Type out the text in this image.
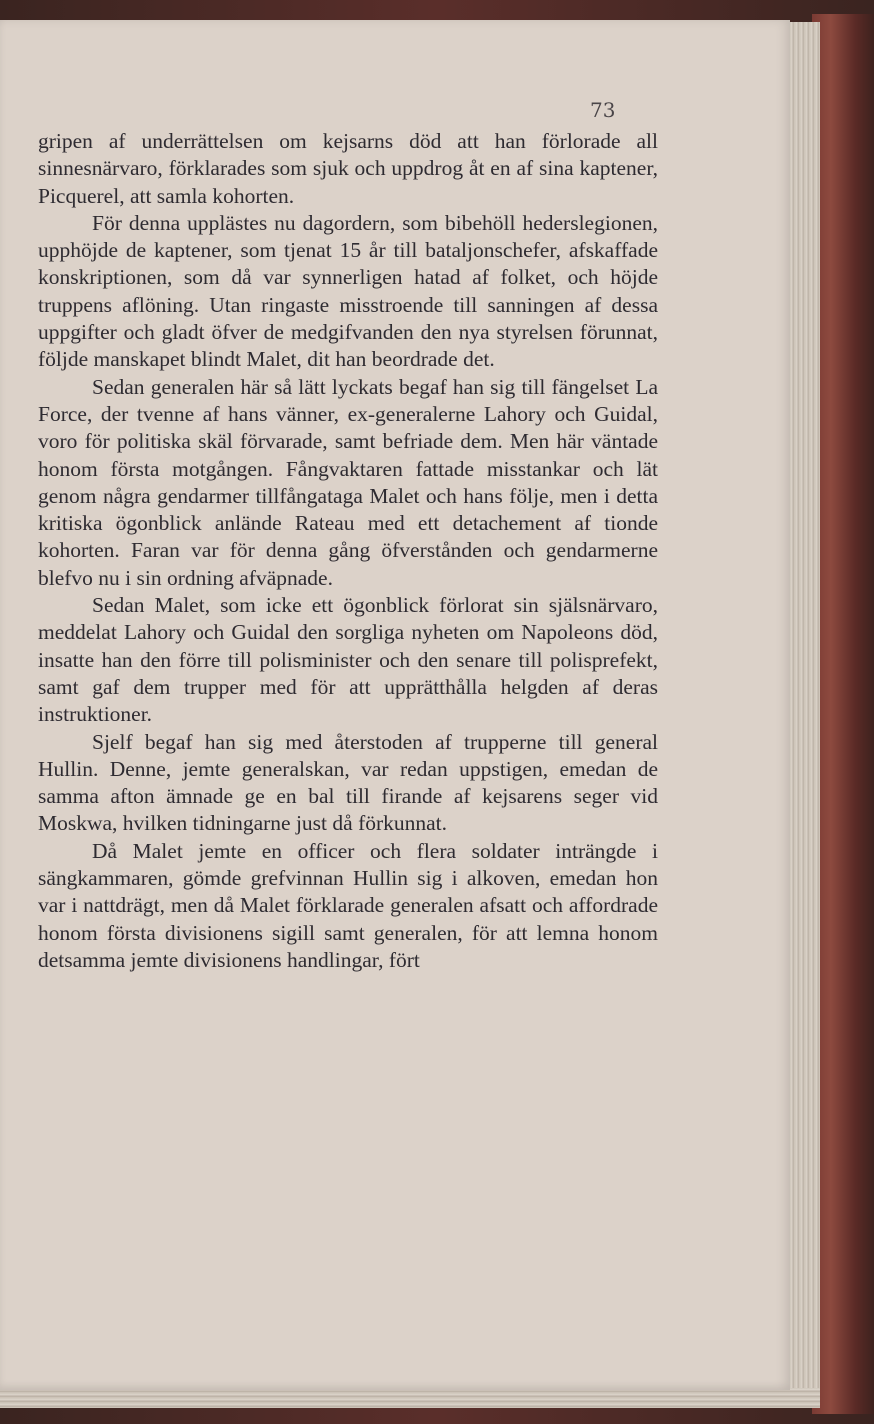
73

gripen af underrättelsen om kejsarns död att han förlorade all sinnesnärvaro, förklarades som sjuk och uppdrog åt en af sina kaptener, Picquerel, att samla kohorten.

För denna upplästes nu dagordern, som bibehöll hederslegionen, upphöjde de kaptener, som tjenat 15 år till bataljonschefer, afskaffade konskriptionen, som då var synnerligen hatad af folket, och höjde truppens aflöning. Utan ringaste misstroende till sanningen af dessa uppgifter och gladt öfver de medgifvanden den nya styrelsen förunnat, följde manskapet blindt Malet, dit han beordrade det.

Sedan generalen här så lätt lyckats begaf han sig till fängelset La Force, der tvenne af hans vänner, ex-generalerne Lahory och Guidal, voro för politiska skäl förvarade, samt befriade dem. Men här väntade honom första motgången. Fångvaktaren fattade misstankar och lät genom några gendarmer tillfångataga Malet och hans följe, men i detta kritiska ögonblick anlände Rateau med ett detachement af tionde kohorten. Faran var för denna gång öfverstånden och gendarmerne blefvo nu i sin ordning afväpnade.

Sedan Malet, som icke ett ögonblick förlorat sin själsnärvaro, meddelat Lahory och Guidal den sorgliga nyheten om Napoleons död, insatte han den förre till polisminister och den senare till polisprefekt, samt gaf dem trupper med för att upprätthålla helgden af deras instruktioner.

Sjelf begaf han sig med återstoden af trupperne till general Hullin. Denne, jemte generalskan, var redan uppstigen, emedan de samma afton ämnade ge en bal till firande af kejsarens seger vid Moskwa, hvilken tidningarne just då förkunnat.

Då Malet jemte en officer och flera soldater inträngde i sängkammaren, gömde grefvinnan Hullin sig i alkoven, emedan hon var i nattdrägt, men då Malet förklarade generalen afsatt och affordrade honom första divisionens sigill samt generalen, för att lemna honom detsamma jemte divisionens handlingar, fört
